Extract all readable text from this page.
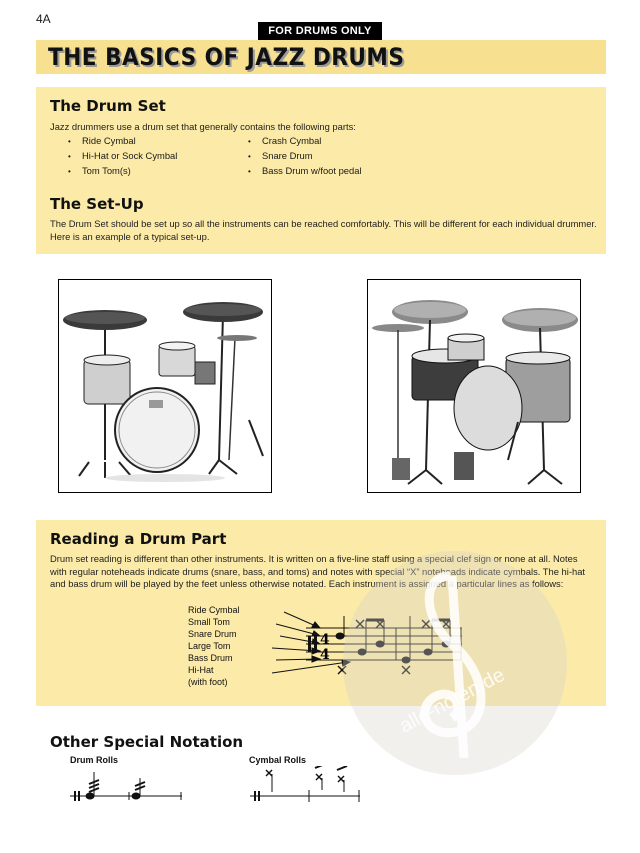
4A
FOR DRUMS ONLY
THE BASICS OF JAZZ DRUMS
The Drum Set

Jazz drummers use a drum set that generally contains the following parts:

• Ride Cymbal
• Hi-Hat or Sock Cymbal
• Tom Tom(s)
• Crash Cymbal
• Snare Drum
• Bass Drum w/foot pedal
The Set-Up

The Drum Set should be set up so all the instruments can be reached comfortably. This will be different for each individual drummer.
Here is an example of a typical set-up.

Reading a Drum Part

Drum set reading is different than other instruments. It is written on a five-line staff using a special clef sign or none at all. Notes
with regular noteheads indicate drums (snare, bass, and toms) and notes with special “X” noteheads indicate cymbals. The hi-hat
and bass drum will be played by the feet unless otherwise notated. Each instrument is assigned a particular lines as follows:

Ride Cymbal
Small Tom
Snare Drum
Large Tom
Bass Drum
Hi-Hat
(with foot)
4
4
alle-noten.de
Other Special Notation
Drum Rolls	Cymbal Rolls
